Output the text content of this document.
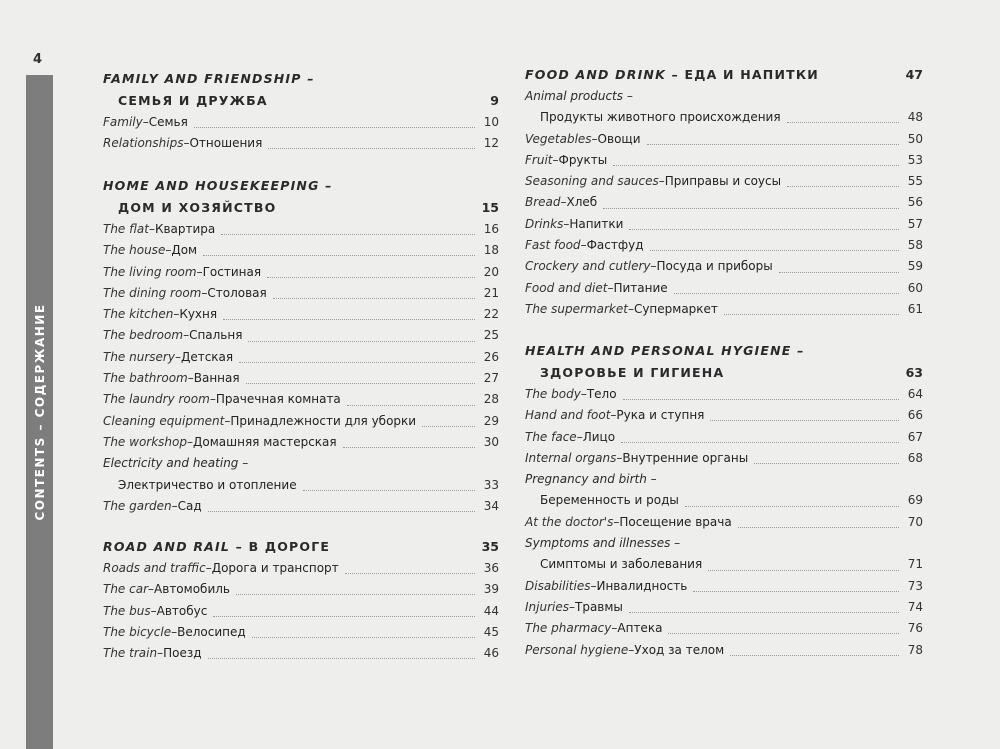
4
CONTENTS – СОДЕРЖАНИЕ
FAMILY AND FRIENDSHIP –
СЕМЬЯ И ДРУЖБА	9
Family – Семья	10
Relationships – Отношения	12
HOME AND HOUSEKEEPING –
ДОМ И ХОЗЯЙСТВО	15
The flat – Квартира	16
The house – Дом	18
The living room – Гостиная	20
The dining room – Столовая	21
The kitchen – Кухня	22
The bedroom – Спальня	25
The nursery – Детская	26
The bathroom – Ванная	27
The laundry room – Прачечная комната	28
Cleaning equipment – Принадлежности для уборки	29
The workshop – Домашняя мастерская	30
Electricity and heating –
Электричество и отопление	33
The garden – Сад	34
ROAD AND RAIL – В ДОРОГЕ	35
Roads and traffic – Дорога и транспорт	36
The car – Автомобиль	39
The bus – Автобус	44
The bicycle – Велосипед	45
The train – Поезд	46
FOOD AND DRINK – ЕДА И НАПИТКИ	47
Animal products –
Продукты животного происхождения	48
Vegetables – Овощи	50
Fruit – Фрукты	53
Seasoning and sauces – Приправы и соусы	55
Bread – Хлеб	56
Drinks – Напитки	57
Fast food – Фастфуд	58
Crockery and cutlery – Посуда и приборы	59
Food and diet – Питание	60
The supermarket – Супермаркет	61
HEALTH AND PERSONAL HYGIENE –
ЗДОРОВЬЕ И ГИГИЕНА	63
The body – Тело	64
Hand and foot – Рука и ступня	66
The face – Лицо	67
Internal organs – Внутренние органы	68
Pregnancy and birth –
Беременность и роды	69
At the doctor's – Посещение врача	70
Symptoms and illnesses –
Симптомы и заболевания	71
Disabilities – Инвалидность	73
Injuries – Травмы	74
The pharmacy – Аптека	76
Personal hygiene – Уход за телом	78
